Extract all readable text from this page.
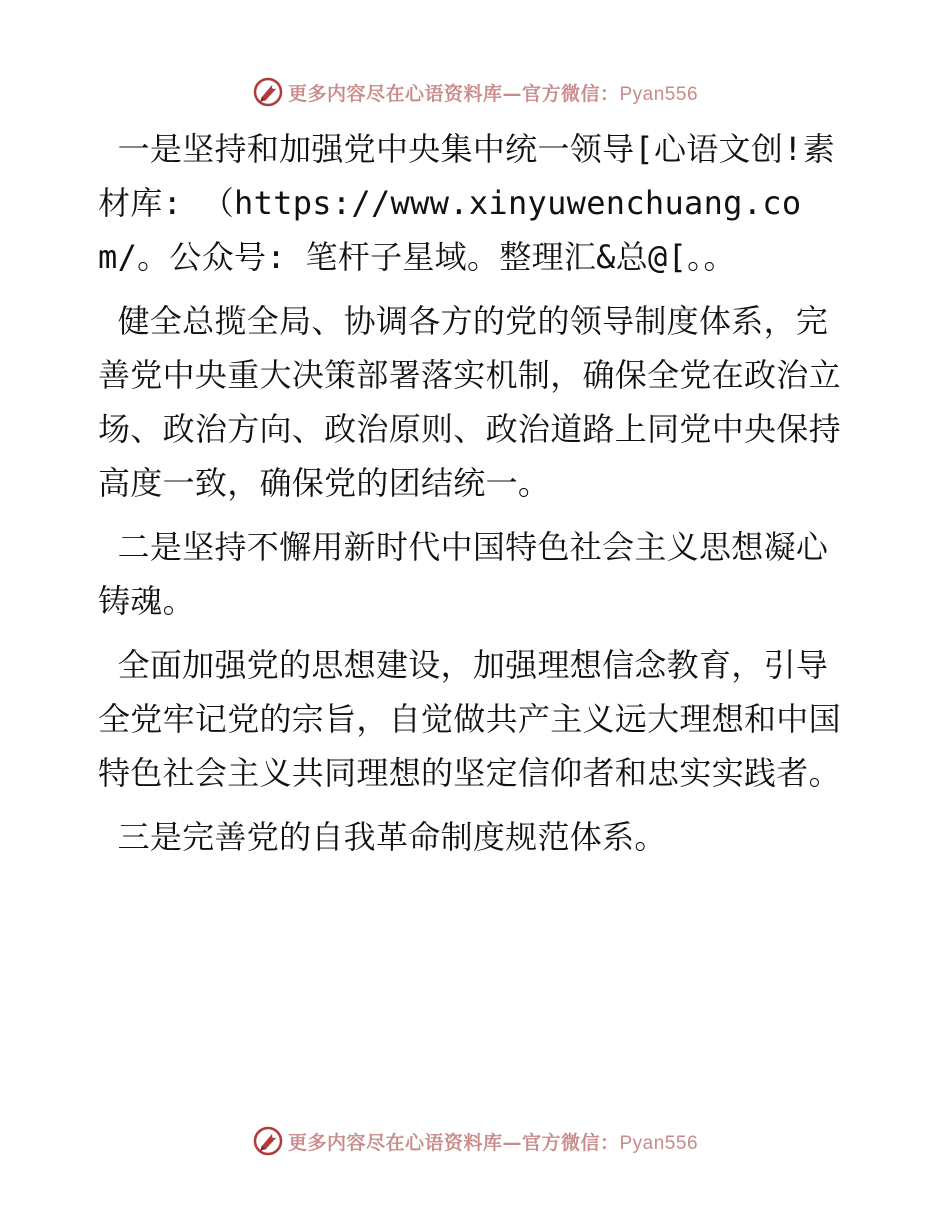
更多内容尽在心语资料库—官方微信：Pyan556

一是坚持和加强党中央集中统一领导[心语文创!素材库: （https://www.xinyuwenchuang.com/。公众号: 笔杆子星域。整理汇&总@[。。

健全总揽全局、协调各方的党的领导制度体系，完善党中央重大决策部署落实机制，确保全党在政治立场、政治方向、政治原则、政治道路上同党中央保持高度一致，确保党的团结统一。

二是坚持不懈用新时代中国特色社会主义思想凝心铸魂。

全面加强党的思想建设，加强理想信念教育，引导全党牢记党的宗旨，自觉做共产主义远大理想和中国特色社会主义共同理想的坚定信仰者和忠实实践者。

三是完善党的自我革命制度规范体系。

更多内容尽在心语资料库—官方微信：Pyan556
